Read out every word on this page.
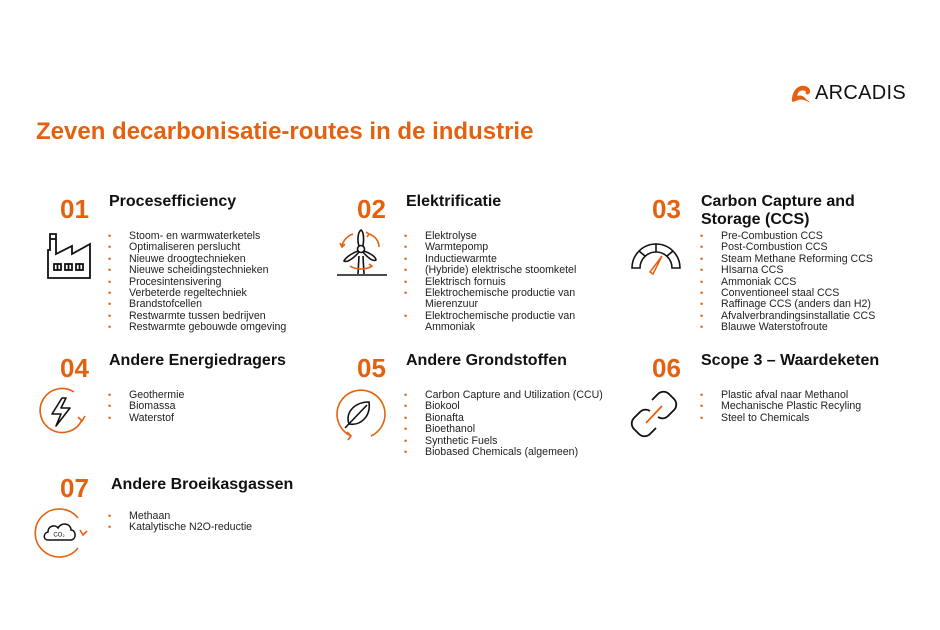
ARCADIS
Zeven decarbonisatie-routes in de industrie
01 Procesefficiency
• Stoom- en warmwaterketels
• Optimaliseren perslucht
• Nieuwe droogtechnieken
• Nieuwe scheidingstechnieken
• Procesintensivering
• Verbeterde regeltechniek
• Brandstofcellen
• Restwarmte tussen bedrijven
• Restwarmte gebouwde omgeving
02 Elektrificatie
• Elektrolyse
• Warmtepomp
• Inductiewarmte
• (Hybride) elektrische stoomketel
• Elektrisch fornuis
• Elektrochemische productie van Mierenzuur
• Elektrochemische productie van Ammoniak
03 Carbon Capture and Storage (CCS)
• Pre-Combustion CCS
• Post-Combustion CCS
• Steam Methane Reforming CCS
• HIsarna CCS
• Ammoniak CCS
• Conventioneel staal CCS
• Raffinage CCS (anders dan H2)
• Afvalverbrandingsinstallatie CCS
• Blauwe Waterstofroute
04 Andere Energiedragers
• Geothermie
• Biomassa
• Waterstof
05 Andere Grondstoffen
• Carbon Capture and Utilization (CCU)
• Biokool
• Bionafta
• Bioethanol
• Synthetic Fuels
• Biobased Chemicals (algemeen)
06 Scope 3 – Waardeketen
• Plastic afval naar Methanol
• Mechanische Plastic Recyling
• Steel to Chemicals
07 Andere Broeikasgassen
CO₂
• Methaan
• Katalytische N2O-reductie
